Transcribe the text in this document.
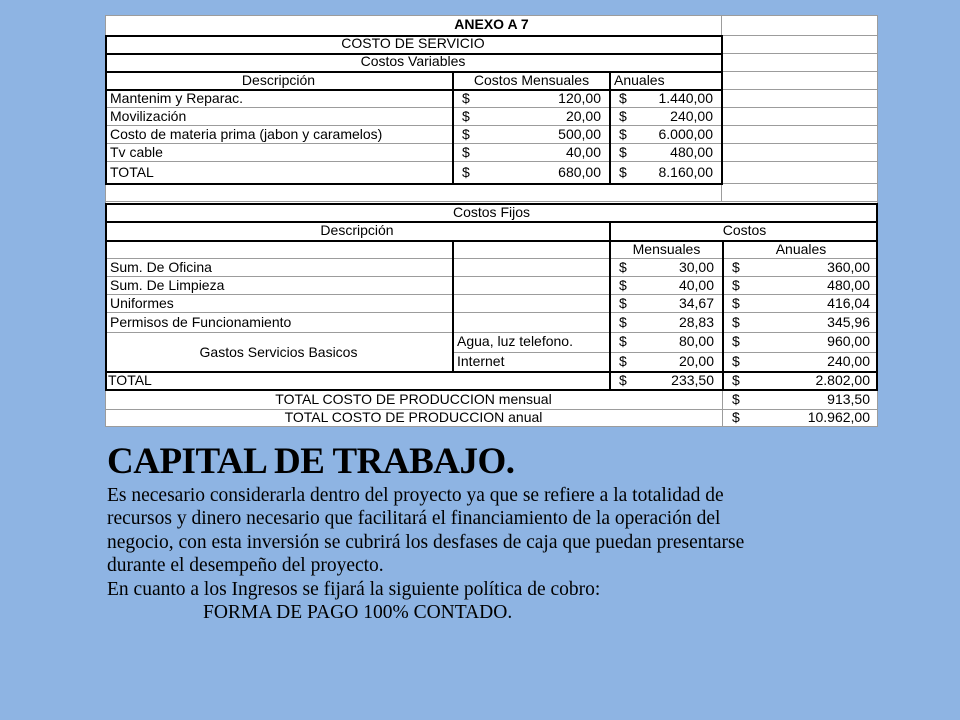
ANEXO A 7
COSTO DE SERVICIO
Costos Variables
Descripción	Costos Mensuales	Anuales
Mantenim y Reparac.	$	120,00	$ 1.440,00
Movilización	$	20,00	$	240,00
Costo de materia prima (jabon y caramelos)	$	500,00	$ 6.000,00
Tv cable	$	40,00	$	480,00
TOTAL	$	680,00	$ 8.160,00
Costos Fijos
Descripción	Costos
Mensuales	Anuales
Sum. De Oficina	$	30,00	$	360,00
Sum. De Limpieza	$	40,00	$	480,00
Uniformes	$	34,67	$	416,04
Permisos de Funcionamiento	$	28,83	$	345,96
Gastos Servicios Basicos
Agua, luz telefono.	$	80,00	$	960,00
Internet	$	20,00	$	240,00
TOTAL	$	233,50	$	2.802,00
TOTAL COSTO DE PRODUCCION mensual	$	913,50
TOTAL COSTO DE PRODUCCION anual	$	10.962,00
CAPITAL DE TRABAJO.

Es necesario considerarla dentro del proyecto ya que se refiere a la totalidad de

recursos y dinero necesario que facilitará el financiamiento de la operación del

negocio, con esta inversión se cubrirá los desfases de caja que puedan presentarse

durante el desempeño del proyecto.

En cuanto a los Ingresos se fijará la siguiente política de cobro:

FORMA DE PAGO 100% CONTADO.
